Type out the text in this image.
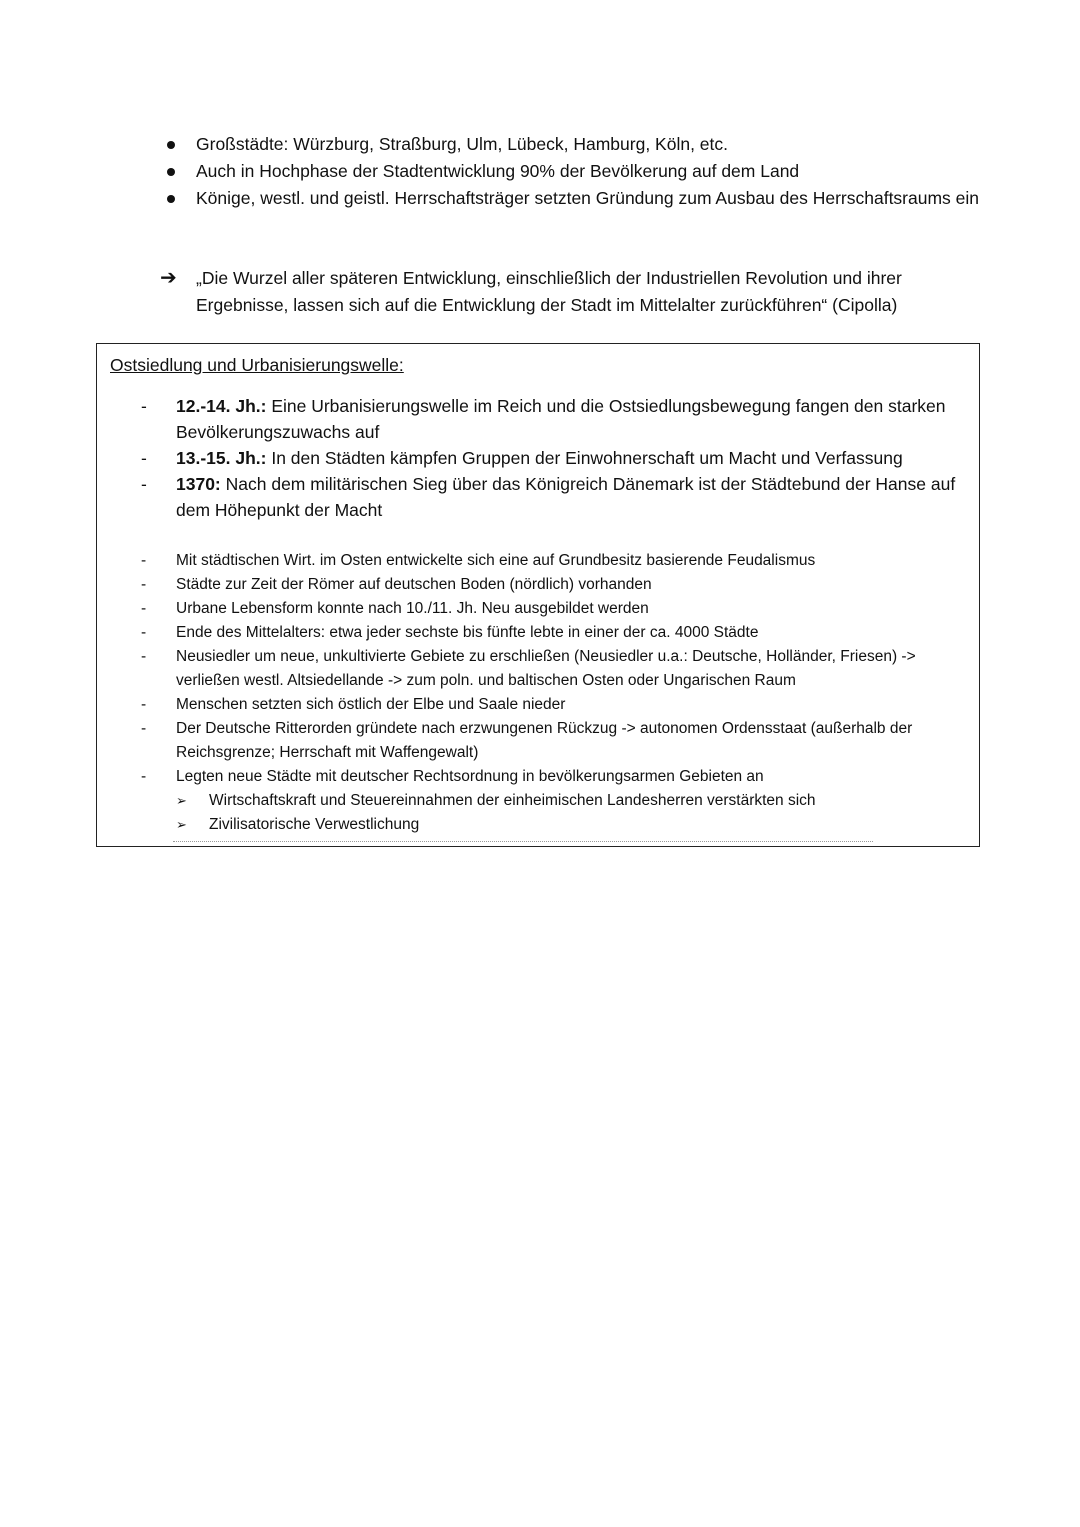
Großstädte: Würzburg, Straßburg, Ulm, Lübeck, Hamburg, Köln, etc.
Auch in Hochphase der Stadtentwicklung 90% der Bevölkerung auf dem Land
Könige, westl. und geistl. Herrschaftsträger setzten Gründung zum Ausbau des Herrschaftsraums ein
➔	„Die Wurzel aller späteren Entwicklung, einschließlich der Industriellen Revolution und ihrer Ergebnisse, lassen sich auf die Entwicklung der Stadt im Mittelalter zurückführen“ (Cipolla)
Ostsiedlung und Urbanisierungswelle:
-	12.-14. Jh.: Eine Urbanisierungswelle im Reich und die Ostsiedlungsbewegung fangen den starken Bevölkerungszuwachs auf
-	13.-15. Jh.: In den Städten kämpfen Gruppen der Einwohnerschaft um Macht und Verfassung
-	1370: Nach dem militärischen Sieg über das Königreich Dänemark ist der Städtebund der Hanse auf dem Höhepunkt der Macht
-	Mit städtischen Wirt. im Osten entwickelte sich eine auf Grundbesitz basierende Feudalismus
-	Städte zur Zeit der Römer auf deutschen Boden (nördlich) vorhanden
-	Urbane Lebensform konnte nach 10./11. Jh. Neu ausgebildet werden
-	Ende des Mittelalters: etwa jeder sechste bis fünfte lebte in einer der ca. 4000 Städte
-	Neusiedler um neue, unkultivierte Gebiete zu erschließen (Neusiedler u.a.: Deutsche, Holländer, Friesen) -> verließen westl. Altsiedellande -> zum poln. und baltischen Osten oder Ungarischen Raum
-	Menschen setzten sich östlich der Elbe und Saale nieder
-	Der Deutsche Ritterorden gründete nach erzwungenen Rückzug -> autonomen Ordensstaat (außerhalb der Reichsgrenze; Herrschaft mit Waffengewalt)
-	Legten neue Städte mit deutscher Rechtsordnung in bevölkerungsarmen Gebieten an
➢	Wirtschaftskraft und Steuereinnahmen der einheimischen Landesherren verstärkten sich
➢	Zivilisatorische Verwestlichung
